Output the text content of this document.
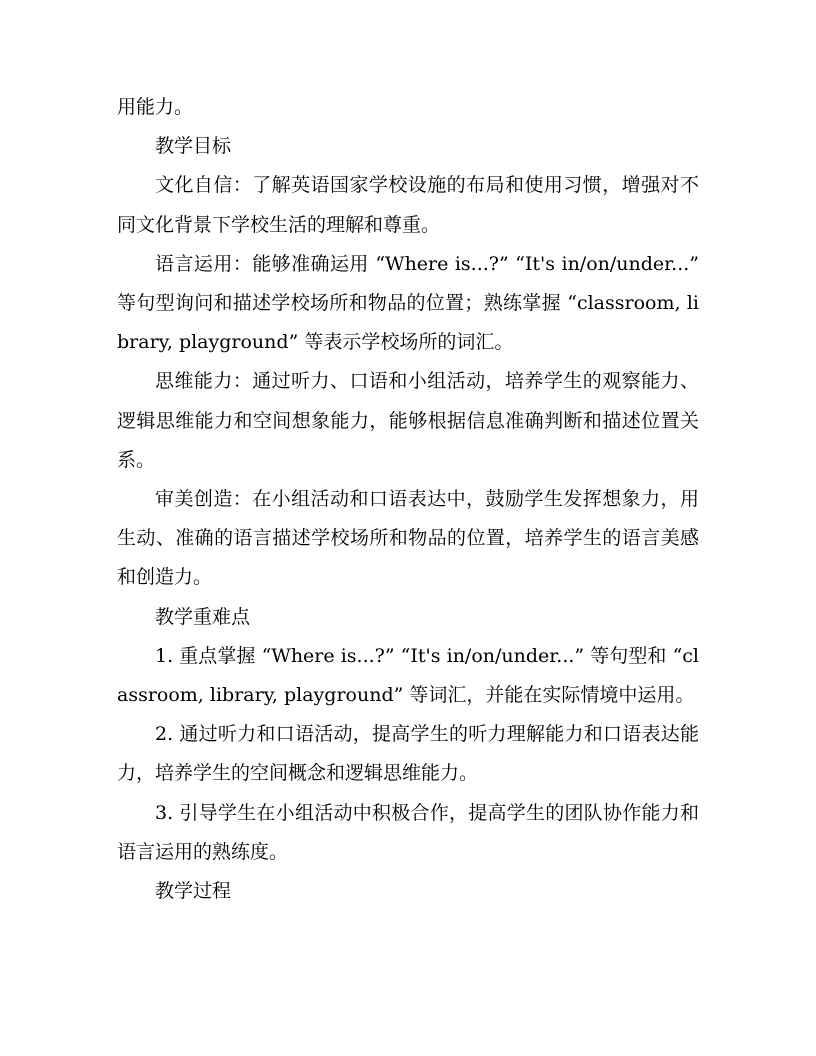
用能力。

教学目标

文化自信：了解英语国家学校设施的布局和使用习惯，增强对不同文化背景下学校生活的理解和尊重。

语言运用：能够准确运用 “Where is...?” “It's in/on/under...” 等句型询问和描述学校场所和物品的位置；熟练掌握 “classroom, library, playground” 等表示学校场所的词汇。

思维能力：通过听力、口语和小组活动，培养学生的观察能力、逻辑思维能力和空间想象能力，能够根据信息准确判断和描述位置关系。

审美创造：在小组活动和口语表达中，鼓励学生发挥想象力，用生动、准确的语言描述学校场所和物品的位置，培养学生的语言美感和创造力。

教学重难点

1. 重点掌握 “Where is...?” “It's in/on/under...” 等句型和 “classroom, library, playground” 等词汇，并能在实际情境中运用。

2. 通过听力和口语活动，提高学生的听力理解能力和口语表达能力，培养学生的空间概念和逻辑思维能力。

3. 引导学生在小组活动中积极合作，提高学生的团队协作能力和语言运用的熟练度。

教学过程
